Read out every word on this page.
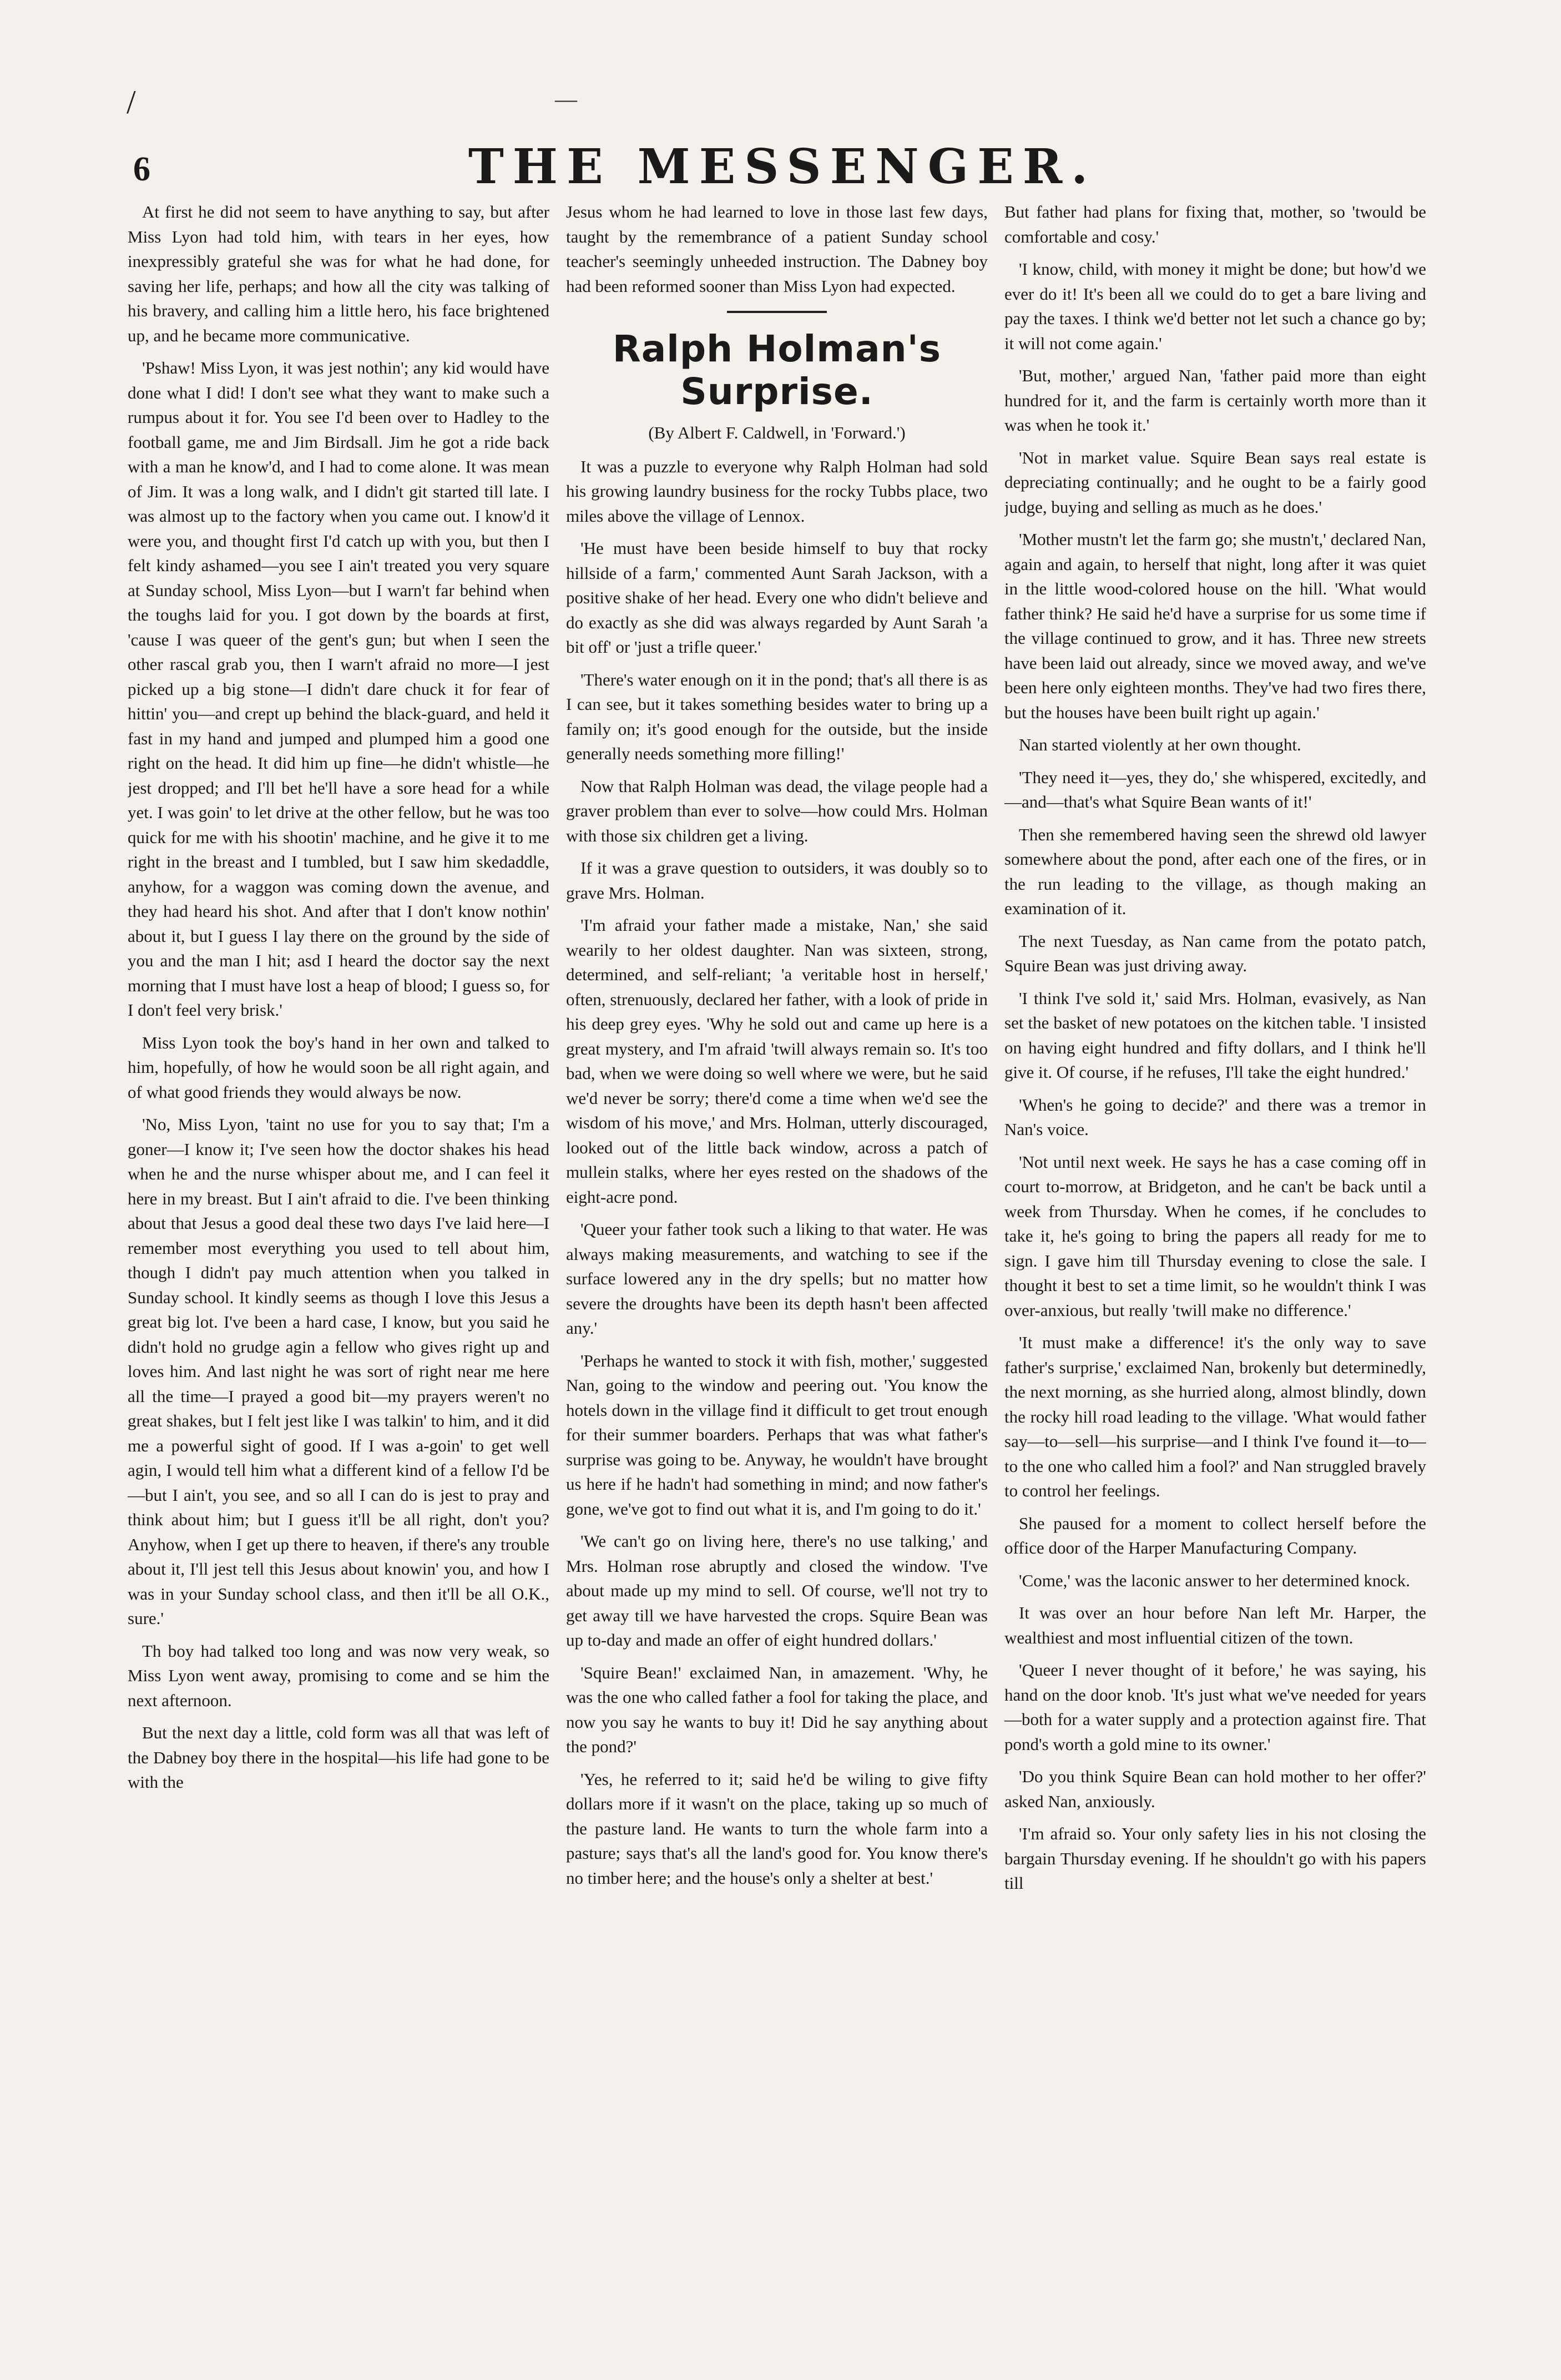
/	—
6	THE MESSENGER.

At first he did not seem to have anything to say, but after Miss Lyon had told him, with tears in her eyes, how inexpressibly grateful she was for what he had done, for saving her life, perhaps; and how all the city was talking of his bravery, and calling him a little hero, his face brightened up, and he became more communicative.

'Pshaw! Miss Lyon, it was jest nothin'; any kid would have done what I did! I don't see what they want to make such a rumpus about it for. You see I'd been over to Hadley to the football game, me and Jim Birdsall. Jim he got a ride back with a man he know'd, and I had to come alone. It was mean of Jim. It was a long walk, and I didn't git started till late. I was almost up to the factory when you came out. I know'd it were you, and thought first I'd catch up with you, but then I felt kindy ashamed—you see I ain't treated you very square at Sunday school, Miss Lyon—but I warn't far behind when the toughs laid for you. I got down by the boards at first, 'cause I was queer of the gent's gun; but when I seen the other rascal grab you, then I warn't afraid no more—I jest picked up a big stone—I didn't dare chuck it for fear of hittin' you—and crept up behind the black-guard, and held it fast in my hand and jumped and plumped him a good one right on the head. It did him up fine—he didn't whistle—he jest dropped; and I'll bet he'll have a sore head for a while yet. I was goin' to let drive at the other fellow, but he was too quick for me with his shootin' machine, and he give it to me right in the breast and I tumbled, but I saw him skedaddle, anyhow, for a waggon was coming down the avenue, and they had heard his shot. And after that I don't know nothin' about it, but I guess I lay there on the ground by the side of you and the man I hit; asd I heard the doctor say the next morning that I must have lost a heap of blood; I guess so, for I don't feel very brisk.'

Miss Lyon took the boy's hand in her own and talked to him, hopefully, of how he would soon be all right again, and of what good friends they would always be now.

'No, Miss Lyon, 'taint no use for you to say that; I'm a goner—I know it; I've seen how the doctor shakes his head when he and the nurse whisper about me, and I can feel it here in my breast. But I ain't afraid to die. I've been thinking about that Jesus a good deal these two days I've laid here—I remember most everything you used to tell about him, though I didn't pay much attention when you talked in Sunday school. It kindly seems as though I love this Jesus a great big lot. I've been a hard case, I know, but you said he didn't hold no grudge agin a fellow who gives right up and loves him. And last night he was sort of right near me here all the time—I prayed a good bit—my prayers weren't no great shakes, but I felt jest like I was talkin' to him, and it did me a powerful sight of good. If I was a-goin' to get well agin, I would tell him what a different kind of a fellow I'd be—but I ain't, you see, and so all I can do is jest to pray and think about him; but I guess it'll be all right, don't you? Anyhow, when I get up there to heaven, if there's any trouble about it, I'll jest tell this Jesus about knowin' you, and how I was in your Sunday school class, and then it'll be all O.K., sure.'

Th boy had talked too long and was now very weak, so Miss Lyon went away, promising to come and se him the next afternoon.

But the next day a little, cold form was all that was left of the Dabney boy there in the hospital—his life had gone to be with the

Jesus whom he had learned to love in those last few days, taught by the remembrance of a patient Sunday school teacher's seemingly unheeded instruction. The Dabney boy had been reformed sooner than Miss Lyon had expected.

Ralph Holman's Surprise.

(By Albert F. Caldwell, in 'Forward.')

It was a puzzle to everyone why Ralph Holman had sold his growing laundry business for the rocky Tubbs place, two miles above the village of Lennox.

'He must have been beside himself to buy that rocky hillside of a farm,' commented Aunt Sarah Jackson, with a positive shake of her head. Every one who didn't believe and do exactly as she did was always regarded by Aunt Sarah 'a bit off' or 'just a trifle queer.'

'There's water enough on it in the pond; that's all there is as I can see, but it takes something besides water to bring up a family on; it's good enough for the outside, but the inside generally needs something more filling!'

Now that Ralph Holman was dead, the vilage people had a graver problem than ever to solve—how could Mrs. Holman with those six children get a living.

If it was a grave question to outsiders, it was doubly so to grave Mrs. Holman.

'I'm afraid your father made a mistake, Nan,' she said wearily to her oldest daughter. Nan was sixteen, strong, determined, and self-reliant; 'a veritable host in herself,' often, strenuously, declared her father, with a look of pride in his deep grey eyes. 'Why he sold out and came up here is a great mystery, and I'm afraid 'twill always remain so. It's too bad, when we were doing so well where we were, but he said we'd never be sorry; there'd come a time when we'd see the wisdom of his move,' and Mrs. Holman, utterly discouraged, looked out of the little back window, across a patch of mullein stalks, where her eyes rested on the shadows of the eight-acre pond.

'Queer your father took such a liking to that water. He was always making measurements, and watching to see if the surface lowered any in the dry spells; but no matter how severe the droughts have been its depth hasn't been affected any.'

'Perhaps he wanted to stock it with fish, mother,' suggested Nan, going to the window and peering out. 'You know the hotels down in the village find it difficult to get trout enough for their summer boarders. Perhaps that was what father's surprise was going to be. Anyway, he wouldn't have brought us here if he hadn't had something in mind; and now father's gone, we've got to find out what it is, and I'm going to do it.'

'We can't go on living here, there's no use talking,' and Mrs. Holman rose abruptly and closed the window. 'I've about made up my mind to sell. Of course, we'll not try to get away till we have harvested the crops. Squire Bean was up to-day and made an offer of eight hundred dollars.'

'Squire Bean!' exclaimed Nan, in amazement. 'Why, he was the one who called father a fool for taking the place, and now you say he wants to buy it! Did he say anything about the pond?'

'Yes, he referred to it; said he'd be wiling to give fifty dollars more if it wasn't on the place, taking up so much of the pasture land. He wants to turn the whole farm into a pasture; says that's all the land's good for. You know there's no timber here; and the house's only a shelter at best.'

But father had plans for fixing that, mother, so 'twould be comfortable and cosy.'

'I know, child, with money it might be done; but how'd we ever do it! It's been all we could do to get a bare living and pay the taxes. I think we'd better not let such a chance go by; it will not come again.'

'But, mother,' argued Nan, 'father paid more than eight hundred for it, and the farm is certainly worth more than it was when he took it.'

'Not in market value. Squire Bean says real estate is depreciating continually; and he ought to be a fairly good judge, buying and selling as much as he does.'

'Mother mustn't let the farm go; she mustn't,' declared Nan, again and again, to herself that night, long after it was quiet in the little wood-colored house on the hill. 'What would father think? He said he'd have a surprise for us some time if the village continued to grow, and it has. Three new streets have been laid out already, since we moved away, and we've been here only eighteen months. They've had two fires there, but the houses have been built right up again.'

Nan started violently at her own thought.

'They need it—yes, they do,' she whispered, excitedly, and—and—that's what Squire Bean wants of it!'

Then she remembered having seen the shrewd old lawyer somewhere about the pond, after each one of the fires, or in the run leading to the village, as though making an examination of it.

The next Tuesday, as Nan came from the potato patch, Squire Bean was just driving away.

'I think I've sold it,' said Mrs. Holman, evasively, as Nan set the basket of new potatoes on the kitchen table. 'I insisted on having eight hundred and fifty dollars, and I think he'll give it. Of course, if he refuses, I'll take the eight hundred.'

'When's he going to decide?' and there was a tremor in Nan's voice.

'Not until next week. He says he has a case coming off in court to-morrow, at Bridgeton, and he can't be back until a week from Thursday. When he comes, if he concludes to take it, he's going to bring the papers all ready for me to sign. I gave him till Thursday evening to close the sale. I thought it best to set a time limit, so he wouldn't think I was over-anxious, but really 'twill make no difference.'

'It must make a difference! it's the only way to save father's surprise,' exclaimed Nan, brokenly but determinedly, the next morning, as she hurried along, almost blindly, down the rocky hill road leading to the village. 'What would father say—to—sell—his surprise—and I think I've found it—to—to the one who called him a fool?' and Nan struggled bravely to control her feelings.

She paused for a moment to collect herself before the office door of the Harper Manufacturing Company.

'Come,' was the laconic answer to her determined knock.

It was over an hour before Nan left Mr. Harper, the wealthiest and most influential citizen of the town.

'Queer I never thought of it before,' he was saying, his hand on the door knob. 'It's just what we've needed for years—both for a water supply and a protection against fire. That pond's worth a gold mine to its owner.'

'Do you think Squire Bean can hold mother to her offer?' asked Nan, anxiously.

'I'm afraid so. Your only safety lies in his not closing the bargain Thursday evening. If he shouldn't go with his papers till
